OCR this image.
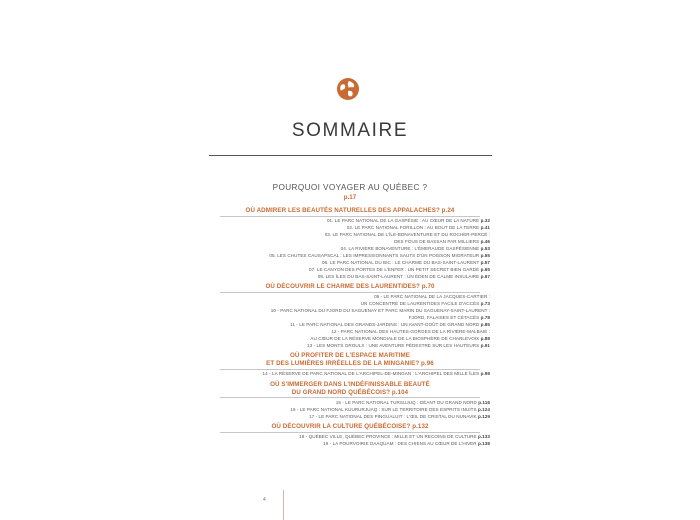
SOMMAIRE
POURQUOI VOYAGER AU QUÉBEC ?
p.17
OÙ ADMIRER LES BEAUTÉS NATURELLES DES APPALACHES? p.24
01. LE PARC NATIONAL DE LA GASPÉSIE : AU CŒUR DE LA NATURE p.32
02. LE PARC NATIONAL FORILLON : AU BOUT DE LA TERRE p.41
03. LE PARC NATIONAL DE L'ÎLE-BONAVENTURE ET DU ROCHER-PERCÉ :
DES FOUS DE BASSAN PAR MILLIERS p.46
04. LA RIVIÈRE BONAVENTURE : L'ÉMERAUDE GASPÉSIENNE p.53
05. LES CHUTES CAUSAPSCAL : LES IMPRESSIONNANTS SAUTS D'UN POISSON MIGRATEUR p.55
06. LE PARC NATIONAL DU BIC : LE CHARME DU BAS-SAINT-LAURENT p.57
07. LE CANYON DES PORTES DE L'ENFER : UN PETIT SECRET BIEN GARDÉ p.65
08. LES ÎLES DU BAS-SAINT-LAURENT : UN ÉDEN DE CALME INSULAIRE p.67
OÙ DÉCOUVRIR LE CHARME DES LAURENTIDES? p.70
09 - LE PARC NATIONAL DE LA JACQUES-CARTIER :
UN CONCENTRÉ DE LAURENTIDES FACILE D'ACCÈS p.73
10 - PARC NATIONAL DU FJORD DU SAGUENAY ET PARC MARIN DU SAGUENAY-SAINT-LAURENT :
FJORD, FALAISES ET CÉTACÉS p.78
11 - LE PARC NATIONAL DES GRANDS-JARDINS : UN AVANT-GOÛT DE GRAND NORD p.85
12 - PARC NATIONAL DES HAUTES-GORGES DE LA RIVIÈRE-MALBAIE :
AU CŒUR DE LA RÉSERVE MONDIALE DE LA BIOSPHÈRE DE CHARLEVOIX p.88
13 - LES MONTS GROULX : UNE AVENTURE PÉDESTRE SUR LES HAUTEURS p.91
OÙ PROFITER DE L'ESPACE MARITIME
ET DES LUMIÈRES IRRÉELLES DE LA MINGANIE? p.96
14 - LA RÉSERVE DE PARC NATIONAL DE L'ARCHIPEL-DE-MINGAN : L'ARCHIPEL DES MILLE ÎLES p.98
OÙ S'IMMERGER DANS L'INDÉFINISSABLE BEAUTÉ
DU GRAND NORD QUÉBÉCOIS? p.104
15 - LE PARC NATIONAL TURSUJUQ : GÉANT DU GRAND NORD p.116
16 - LE PARC NATIONAL KUURURJUAQ : SUR LE TERRITOIRE DES ESPRITS INUITS p.124
17 - LE PARC NATIONAL DES PINGUALUIT : L'ŒIL DE CRISTAL DU NUNAVIK p.129
OÙ DÉCOUVRIR LA CULTURE QUÉBÉCOISE? p.132
18 - QUÉBEC VILLE, QUÉBEC PROVINCE : MILLE ET UN RECOINS DE CULTURE p.133
19 - LA POURVOIRIE DAAQUAM : DES CHIENS AU CŒUR DE L'HIVER p.138
4
